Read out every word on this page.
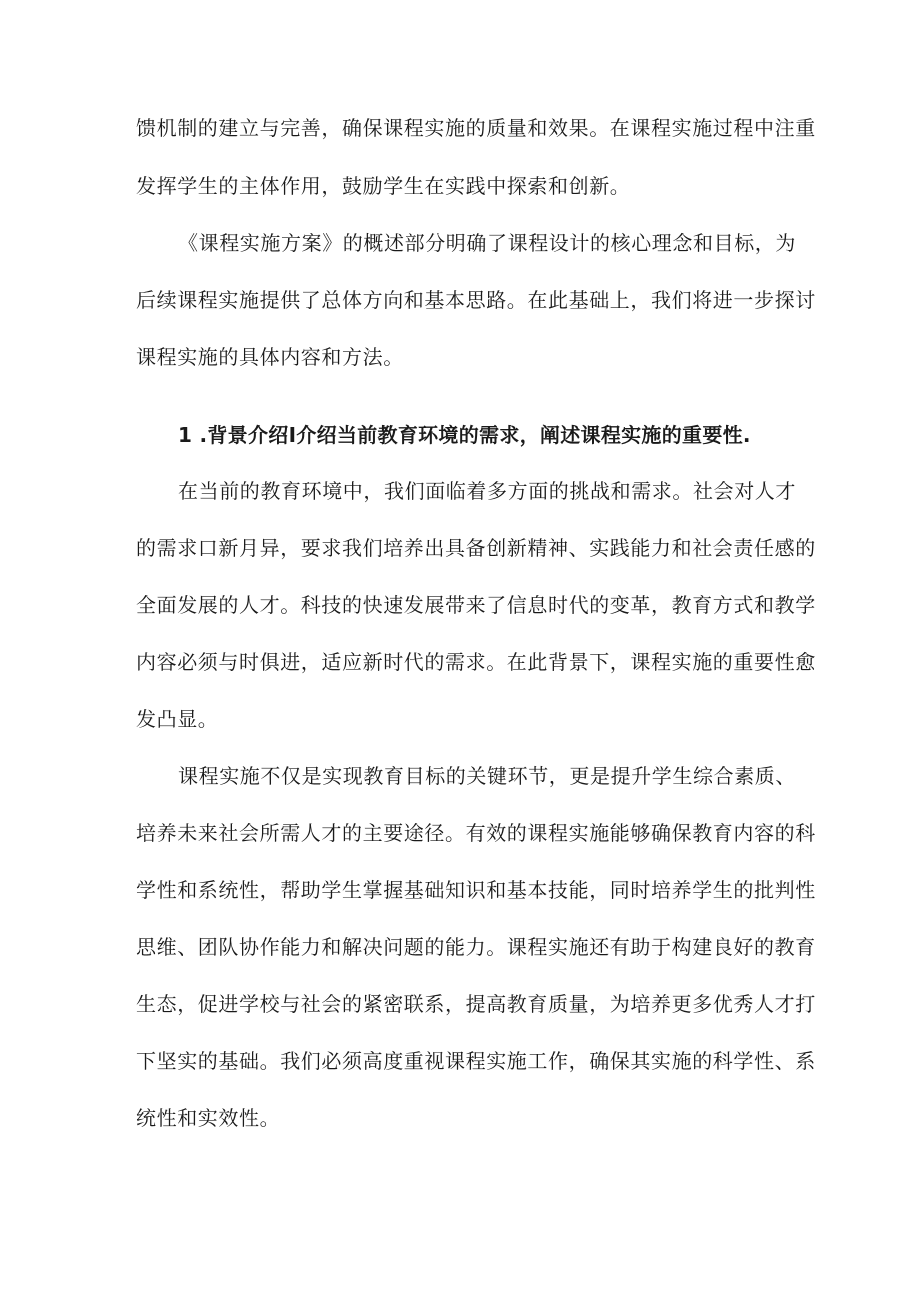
馈机制的建立与完善，确保课程实施的质量和效果。在课程实施过程中注重
发挥学生的主体作用，鼓励学生在实践中探索和创新。
《课程实施方案》的概述部分明确了课程设计的核心理念和目标，为
后续课程实施提供了总体方向和基本思路。在此基础上，我们将进一步探讨
课程实施的具体内容和方法。
1 .背景介绍I介绍当前教育环境的需求，阐述课程实施的重要性.
在当前的教育环境中，我们面临着多方面的挑战和需求。社会对人才
的需求口新月异，要求我们培养出具备创新精神、实践能力和社会责任感的
全面发展的人才。科技的快速发展带来了信息时代的变革，教育方式和教学
内容必须与时俱进，适应新时代的需求。在此背景下，课程实施的重要性愈
发凸显。
课程实施不仅是实现教育目标的关键环节，更是提升学生综合素质、
培养未来社会所需人才的主要途径。有效的课程实施能够确保教育内容的科
学性和系统性，帮助学生掌握基础知识和基本技能，同时培养学生的批判性
思维、团队协作能力和解决问题的能力。课程实施还有助于构建良好的教育
生态，促进学校与社会的紧密联系，提高教育质量，为培养更多优秀人才打
下坚实的基础。我们必须高度重视课程实施工作，确保其实施的科学性、系
统性和实效性。
